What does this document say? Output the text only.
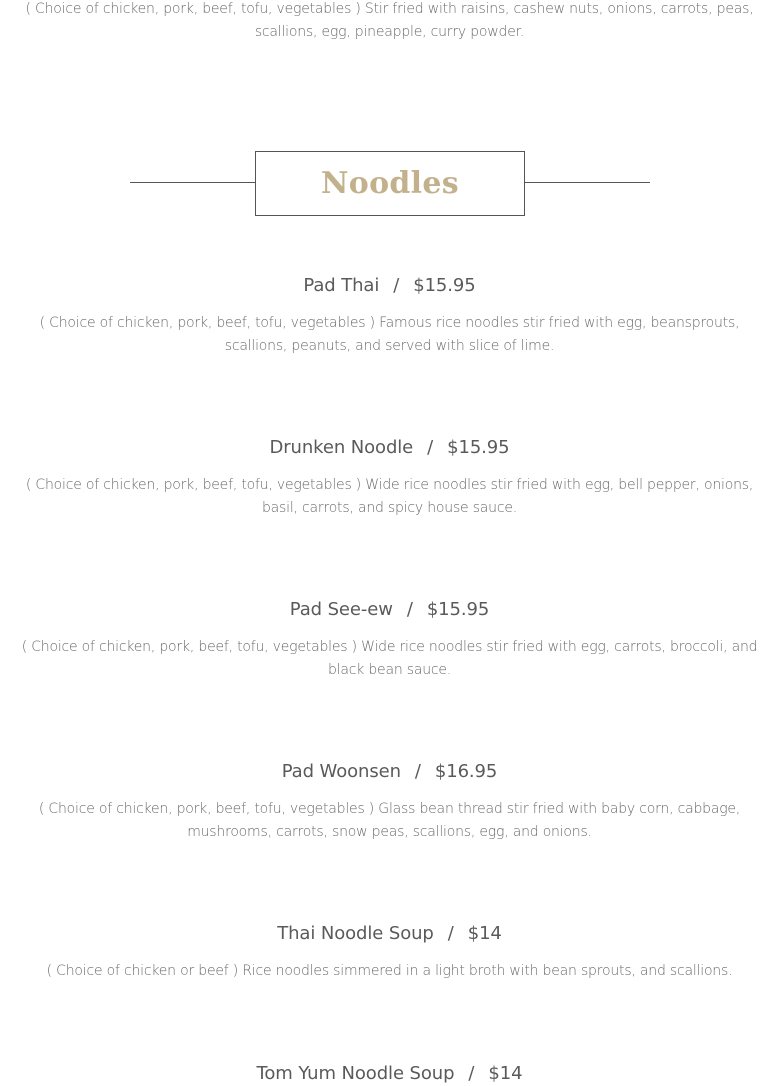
( Choice of chicken, pork, beef, tofu, vegetables ) Stir fried with raisins, cashew nuts, onions, carrots, peas, scallions, egg, pineapple, curry powder.

Noodles
Pad Thai / $15.95

( Choice of chicken, pork, beef, tofu, vegetables ) Famous rice noodles stir fried with egg, beansprouts, scallions, peanuts, and served with slice of lime.

Drunken Noodle / $15.95

( Choice of chicken, pork, beef, tofu, vegetables ) Wide rice noodles stir fried with egg, bell pepper, onions, basil, carrots, and spicy house sauce.

Pad See-ew / $15.95

( Choice of chicken, pork, beef, tofu, vegetables ) Wide rice noodles stir fried with egg, carrots, broccoli, and black bean sauce.

Pad Woonsen / $16.95

( Choice of chicken, pork, beef, tofu, vegetables ) Glass bean thread stir fried with baby corn, cabbage, mushrooms, carrots, snow peas, scallions, egg, and onions.

Thai Noodle Soup / $14

( Choice of chicken or beef ) Rice noodles simmered in a light broth with bean sprouts, and scallions.

Tom Yum Noodle Soup / $14
